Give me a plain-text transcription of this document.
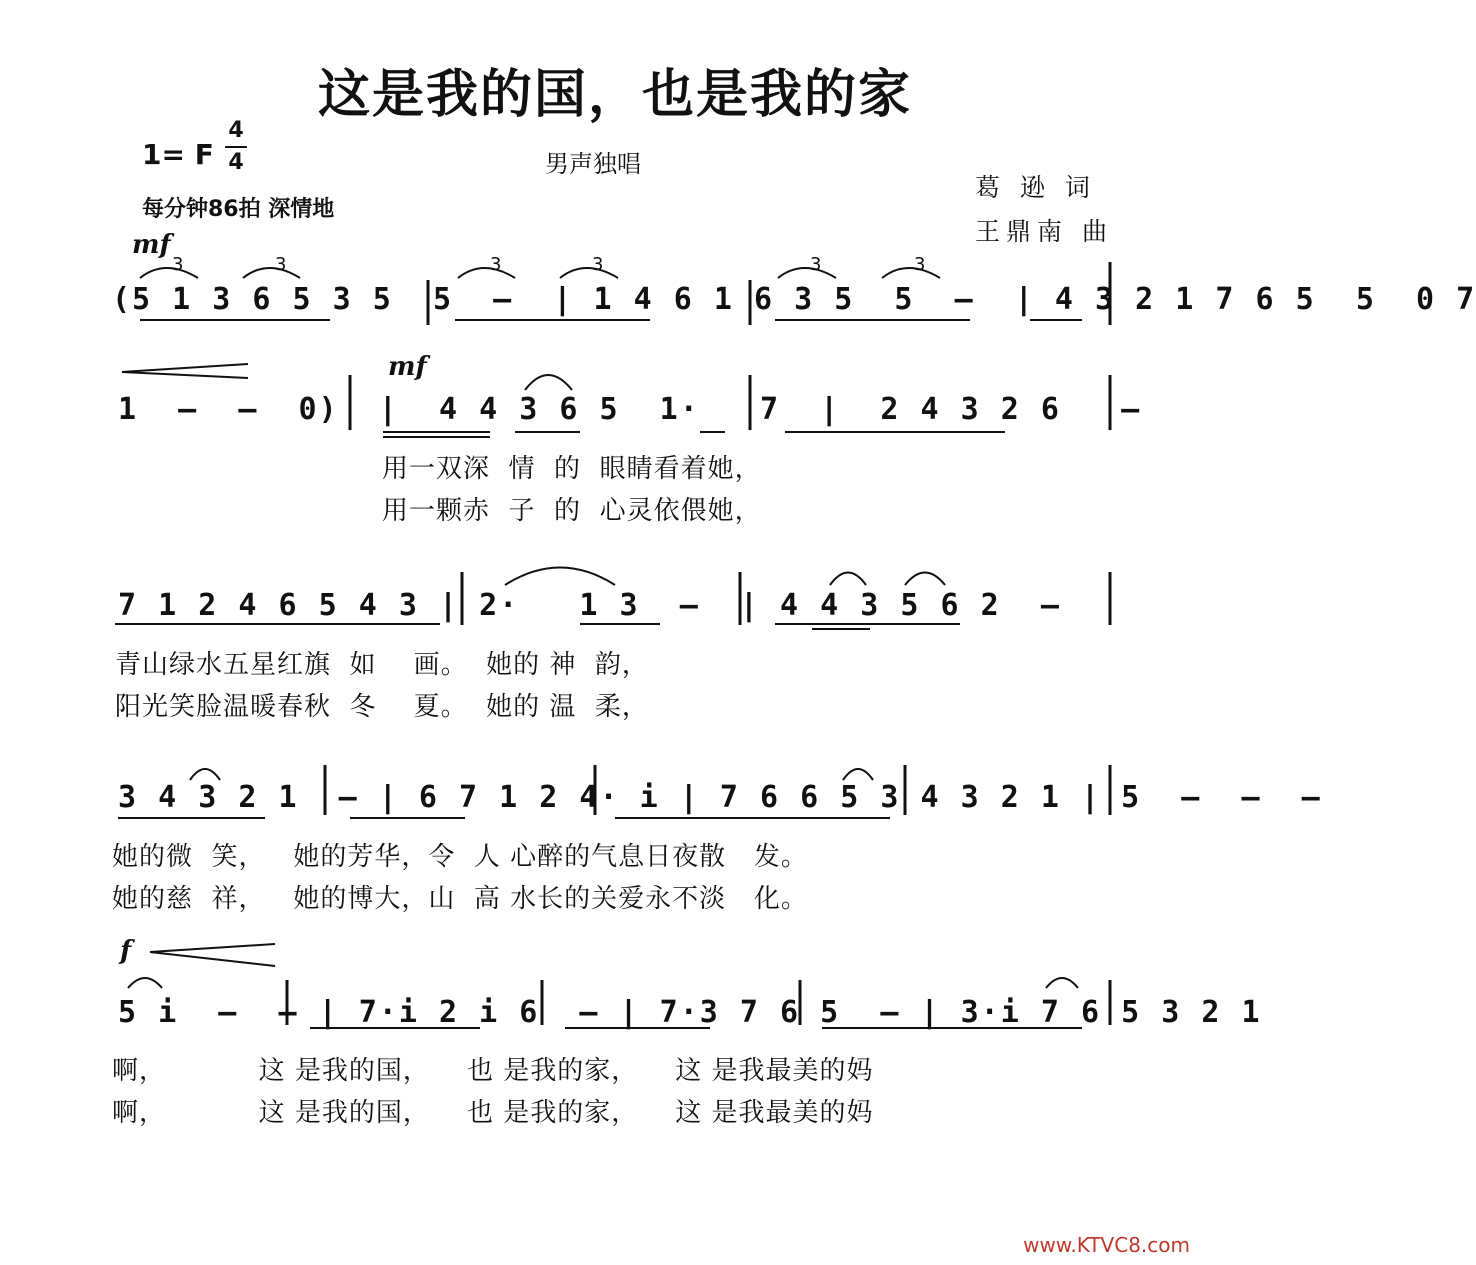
这是我的国，也是我的家
1= F
4
4	男声独唱
每分钟86拍 深情地
葛 逊 词
王鼎南 曲
mf
mf
f
3	3	3	3	3	3
(5 1 3 6 5 3 5  5  –  | 1 4 6 1 6 3 5  5  –  | 4 3 2 1 7 6 5  5  0 7
1  –  –  0)  |  4 4 3 6 5  1·   7  |  2 4 3 2 6   –
用一双深  情  的  眼睛看着她，
用一颗赤  子  的  心灵依偎她，
7 1 2 4 6 5 4 3 | 2·   1 3  –  | 4 4 3 5 6 2  –
青山绿水五星红旗  如    画。  她的 神  韵，
阳光笑脸温暖春秋  冬    夏。  她的 温  柔，
3 4 3 2 1  – | 6 7 1 2 4· i | 7 6 6 5 3 4 3 2 1 | 5  –  –  –
她的微  笑，   她的芳华，令  人 心醉的气息日夜散   发。
她的慈  祥，   她的博大，山  高 水长的关爱永不淡   化。
5 i  –  – | 7·i 2 i 6  – | 7·3 7 6 5  – | 3·i 7 6 5 3 2 1
啊，          这 是我的国，    也 是我的家，    这 是我最美的妈
啊，          这 是我的国，    也 是我的家，    这 是我最美的妈
www.KTVC8.com
